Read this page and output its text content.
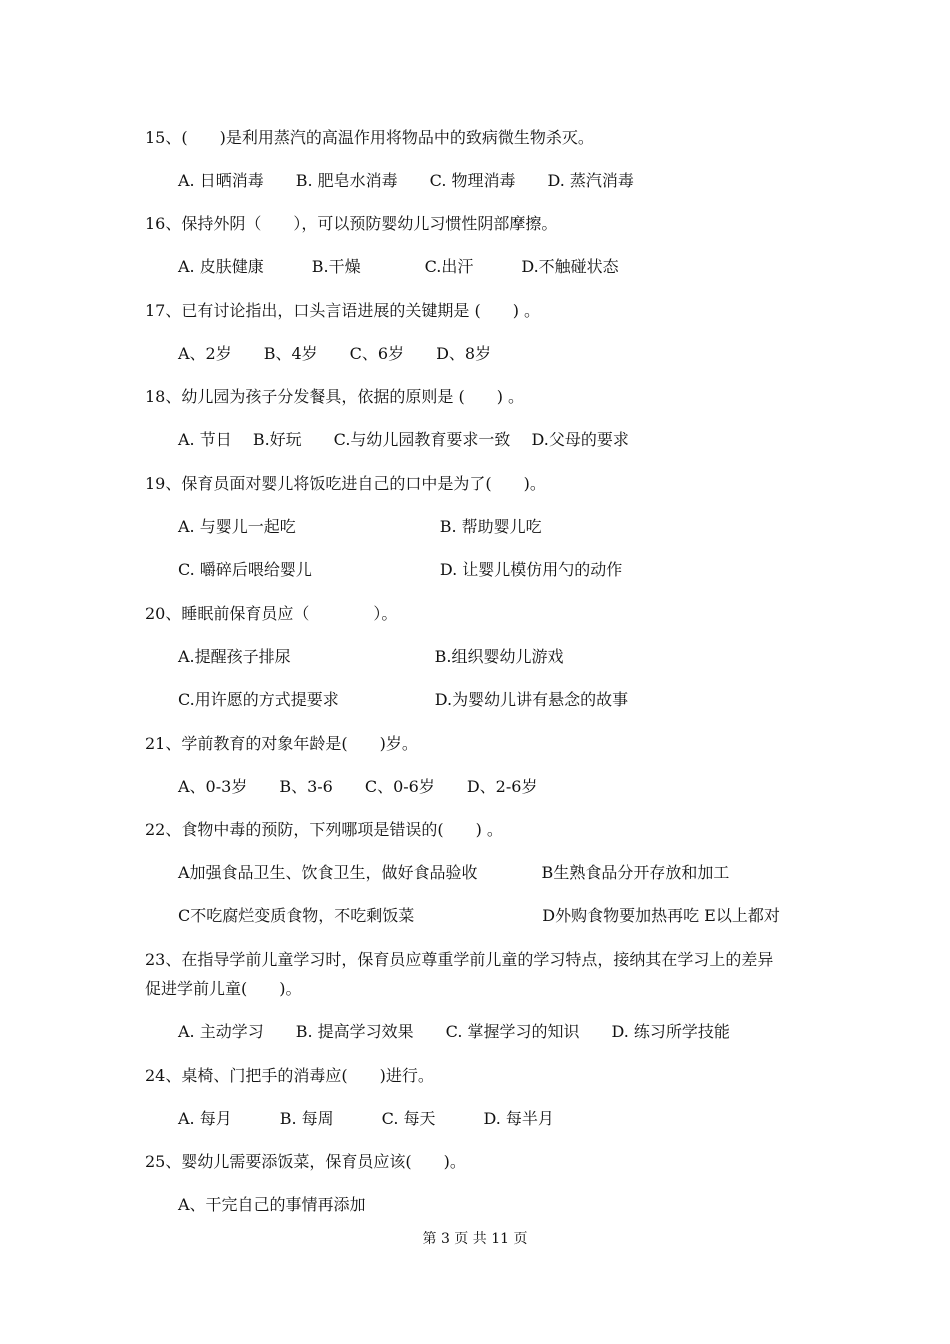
15、(　　)是利用蒸汽的高温作用将物品中的致病微生物杀灭。
A. 日晒消毒　　B. 肥皂水消毒　　C. 物理消毒　　D. 蒸汽消毒
16、保持外阴（　　），可以预防婴幼儿习惯性阴部摩擦。
A. 皮肤健康　　　B.干燥　　　　C.出汗　　　D.不触碰状态
17、已有讨论指出，口头言语进展的关键期是 (　　) 。
A、2岁　　B、4岁　　C、6岁　　D、8岁
18、幼儿园为孩子分发餐具，依据的原则是 (　　) 。
A. 节日　 B.好玩　　C.与幼儿园教育要求一致　 D.父母的要求
19、保育员面对婴儿将饭吃进自己的口中是为了(　　)。
A. 与婴儿一起吃　　　　　　　　　B. 帮助婴儿吃
C. 嚼碎后喂给婴儿　　　　　　　　D. 让婴儿模仿用勺的动作
20、睡眠前保育员应（　　　　）。
A.提醒孩子排尿　　　　　　　　　B.组织婴幼儿游戏
C.用许愿的方式提要求　　　　　　D.为婴幼儿讲有悬念的故事
21、学前教育的对象年龄是(　　)岁。
A、0-3岁　　B、3-6　　C、0-6岁　　D、2-6岁
22、食物中毒的预防，下列哪项是错误的(　　) 。
A加强食品卫生、饮食卫生，做好食品验收　　　　B生熟食品分开存放和加工
C不吃腐烂变质食物，不吃剩饭菜　　　　　　　　D外购食物要加热再吃 E以上都对
23、在指导学前儿童学习时，保育员应尊重学前儿童的学习特点，接纳其在学习上的差异
促进学前儿童(　　)。
A. 主动学习　　B. 提高学习效果　　C. 掌握学习的知识　　D. 练习所学技能
24、桌椅、门把手的消毒应(　　)进行。
A. 每月　　　B. 每周　　　C. 每天　　　D. 每半月
25、婴幼儿需要添饭菜，保育员应该(　　)。
A、干完自己的事情再添加
第 3 页 共 11 页
